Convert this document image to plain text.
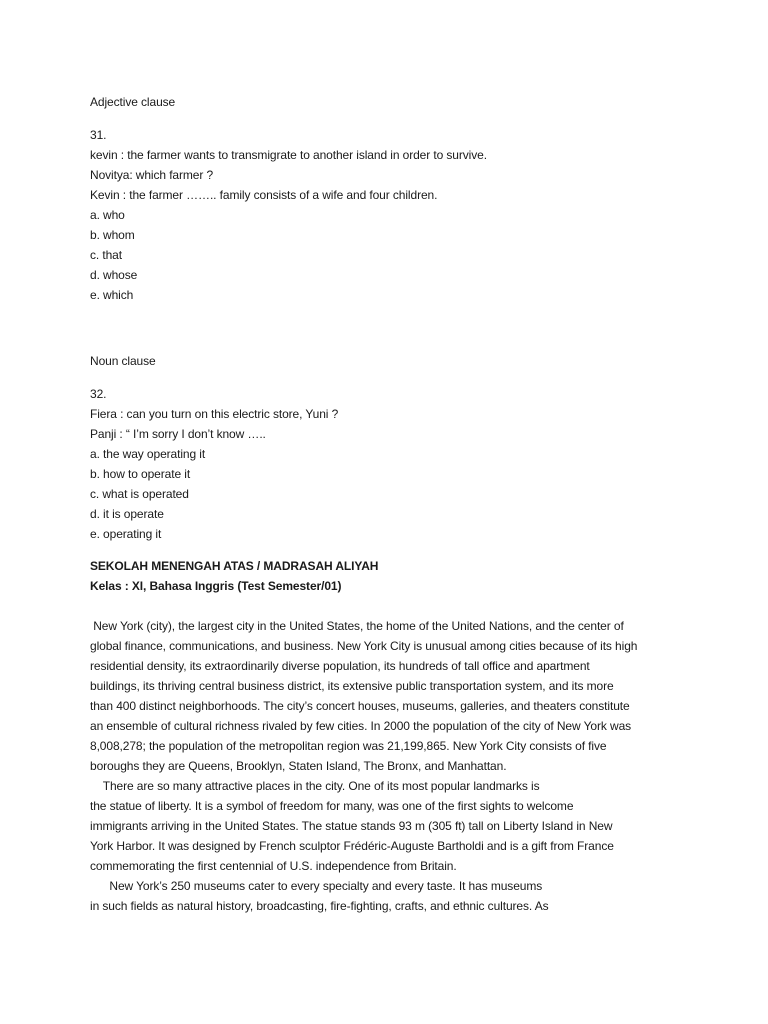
Adjective clause
31.
kevin : the farmer wants to transmigrate to another island in order to survive.
Novitya: which farmer ?
Kevin : the farmer …….. family consists of a wife and four children.
a. who
b. whom
c. that
d. whose
e. which
Noun clause
32.
Fiera : can you turn on this electric store, Yuni ?
Panji : “ I’m sorry I don’t know …..
a. the way operating it
b. how to operate it
c. what is operated
d. it is operate
e. operating it
SEKOLAH MENENGAH ATAS / MADRASAH ALIYAH
Kelas : XI, Bahasa Inggris (Test Semester/01)
New York (city), the largest city in the United States, the home of the United Nations, and the center of
global finance, communications, and business. New York City is unusual among cities because of its high
residential density, its extraordinarily diverse population, its hundreds of tall office and apartment
buildings, its thriving central business district, its extensive public transportation system, and its more
than 400 distinct neighborhoods. The city’s concert houses, museums, galleries, and theaters constitute
an ensemble of cultural richness rivaled by few cities. In 2000 the population of the city of New York was
8,008,278; the population of the metropolitan region was 21,199,865. New York City consists of five
boroughs they are Queens, Brooklyn, Staten Island, The Bronx, and Manhattan.
There are so many attractive places in the city. One of its most popular landmarks is
the statue of liberty. It is a symbol of freedom for many, was one of the first sights to welcome
immigrants arriving in the United States. The statue stands 93 m (305 ft) tall on Liberty Island in New
York Harbor. It was designed by French sculptor Frédéric-Auguste Bartholdi and is a gift from France
commemorating the first centennial of U.S. independence from Britain.
New York’s 250 museums cater to every specialty and every taste. It has museums
in such fields as natural history, broadcasting, fire-fighting, crafts, and ethnic cultures. As
